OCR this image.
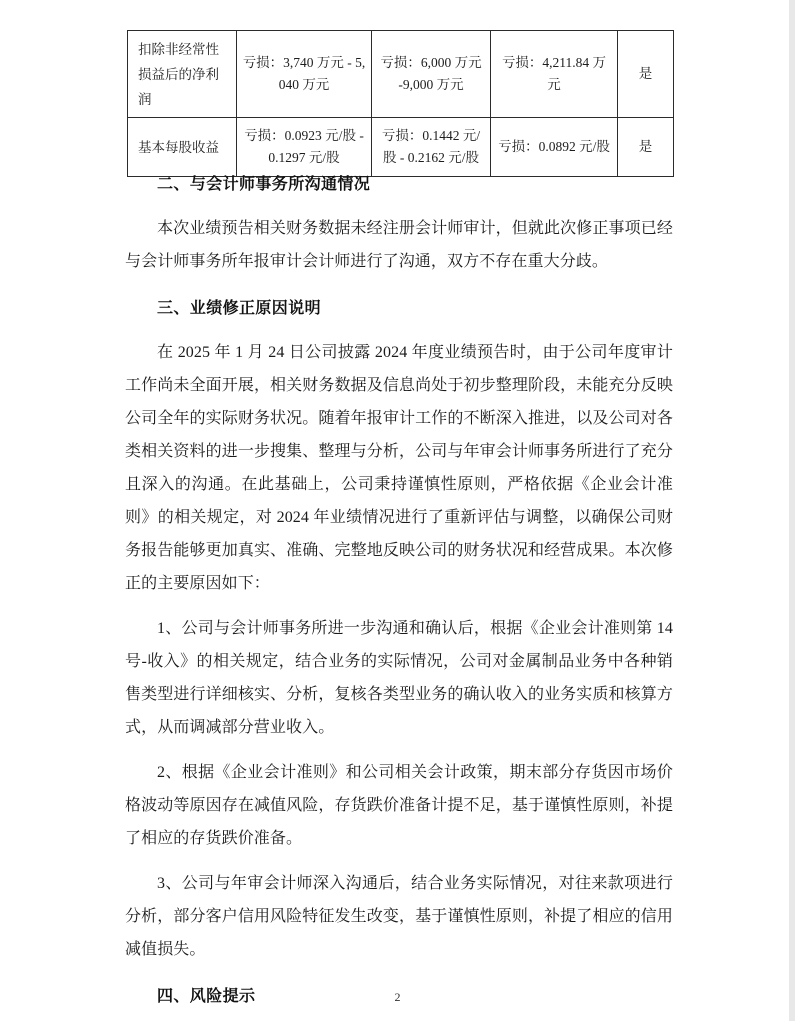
扣除非经常性损益后的净利润	亏损：3,740 万元 - 5,040 万元	亏损：6,000 万元 -9,000 万元	亏损：4,211.84 万元	是
基本每股收益	亏损：0.0923 元/股 - 0.1297 元/股	亏损：0.1442 元/股 - 0.2162 元/股	亏损：0.0892 元/股	是
二、与会计师事务所沟通情况

本次业绩预告相关财务数据未经注册会计师审计，但就此次修正事项已经与会计师事务所年报审计会计师进行了沟通，双方不存在重大分歧。

三、业绩修正原因说明

在 2025 年 1 月 24 日公司披露 2024 年度业绩预告时，由于公司年度审计工作尚未全面开展，相关财务数据及信息尚处于初步整理阶段，未能充分反映公司全年的实际财务状况。随着年报审计工作的不断深入推进，以及公司对各类相关资料的进一步搜集、整理与分析，公司与年审会计师事务所进行了充分且深入的沟通。在此基础上，公司秉持谨慎性原则，严格依据《企业会计准则》的相关规定，对 2024 年业绩情况进行了重新评估与调整，以确保公司财务报告能够更加真实、准确、完整地反映公司的财务状况和经营成果。本次修正的主要原因如下：

1、公司与会计师事务所进一步沟通和确认后，根据《企业会计准则第 14 号-收入》的相关规定，结合业务的实际情况，公司对金属制品业务中各种销售类型进行详细核实、分析，复核各类型业务的确认收入的业务实质和核算方式，从而调减部分营业收入。

2、根据《企业会计准则》和公司相关会计政策，期末部分存货因市场价格波动等原因存在减值风险，存货跌价准备计提不足，基于谨慎性原则，补提了相应的存货跌价准备。

3、公司与年审会计师深入沟通后，结合业务实际情况，对往来款项进行分析，部分客户信用风险特征发生改变，基于谨慎性原则，补提了相应的信用减值损失。

四、风险提示	2
